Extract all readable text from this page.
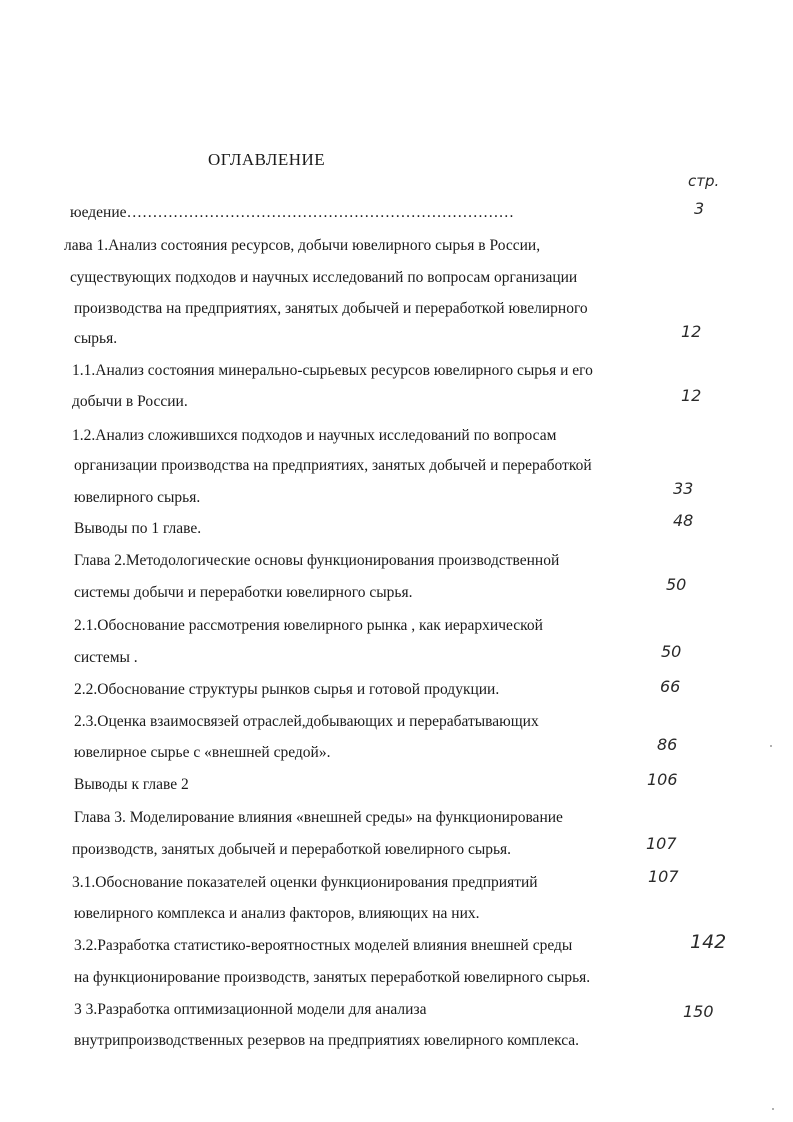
ОГЛАВЛЕНИЕ
стр.
юедение…………………………………………………………………
лава 1.Анализ состояния ресурсов, добычи ювелирного сырья в России,
существующих подходов и научных исследований по вопросам организации
производства на предприятиях, занятых добычей и переработкой ювелирного
сырья.
1.1.Анализ состояния минерально-сырьевых ресурсов ювелирного сырья и его
добычи в России.
1.2.Анализ сложившихся подходов и научных исследований по вопросам
организации производства на предприятиях, занятых добычей и переработкой
ювелирного сырья.
Выводы по 1 главе.
Глава 2.Методологические основы функционирования производственной
системы добычи и переработки ювелирного сырья.
2.1.Обоснование рассмотрения ювелирного рынка , как иерархической
системы .
2.2.Обоснование структуры рынков сырья и готовой продукции.
2.3.Оценка взаимосвязей отраслей,добывающих и перерабатывающих
ювелирное сырье с «внешней средой».
Выводы к главе 2
Глава 3. Моделирование влияния «внешней среды» на функционирование
производств, занятых добычей и переработкой ювелирного сырья.
3.1.Обоснование показателей оценки функционирования предприятий
ювелирного комплекса и анализ факторов, влияющих на них.
3.2.Разработка статистико-вероятностных моделей влияния внешней среды
на функционирование производств, занятых переработкой ювелирного сырья.
3 3.Разработка оптимизационной модели для анализа
внутрипроизводственных резервов на предприятиях ювелирного комплекса.
3
12
12
33
48
50
50
66
86
106
107
107
142
150
